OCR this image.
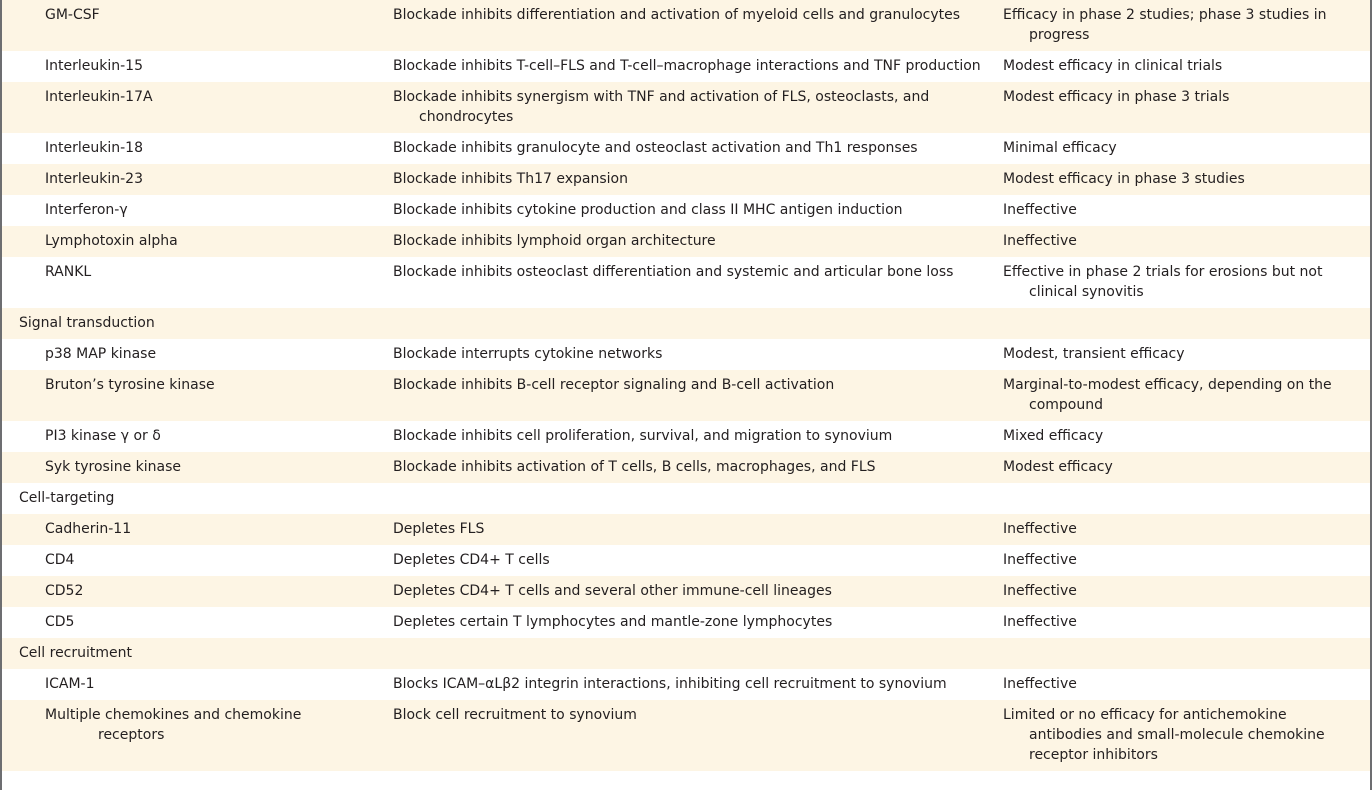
GM-CSF	Blockade inhibits differentiation and activation of myeloid cells and granulocytes	Efficacy in phase 2 studies; phase 3 studies in progress

Interleukin-15	Blockade inhibits T-cell–FLS and T-cell–macrophage interactions and TNF production	Modest efficacy in clinical trials

Interleukin-17A	Blockade inhibits synergism with TNF and activation of FLS, osteoclasts, and chondrocytes	Modest efficacy in phase 3 trials

Interleukin-18	Blockade inhibits granulocyte and osteoclast activation and Th1 responses	Minimal efficacy

Interleukin-23	Blockade inhibits Th17 expansion	Modest efficacy in phase 3 studies

Interferon-γ	Blockade inhibits cytokine production and class II MHC antigen induction	Ineffective

Lymphotoxin alpha	Blockade inhibits lymphoid organ architecture	Ineffective

RANKL	Blockade inhibits osteoclast differentiation and systemic and articular bone loss	Effective in phase 2 trials for erosions but not clinical synovitis

Signal transduction		

p38 MAP kinase	Blockade interrupts cytokine networks	Modest, transient efficacy

Bruton’s tyrosine kinase	Blockade inhibits B-cell receptor signaling and B-cell activation	Marginal-to-modest efficacy, depending on the compound

PI3 kinase γ or δ	Blockade inhibits cell proliferation, survival, and migration to synovium	Mixed efficacy

Syk tyrosine kinase	Blockade inhibits activation of T cells, B cells, macrophages, and FLS	Modest efficacy

Cell-targeting		

Cadherin-11	Depletes FLS	Ineffective

CD4	Depletes CD4+ T cells	Ineffective

CD52	Depletes CD4+ T cells and several other immune-cell lineages	Ineffective

CD5	Depletes certain T lymphocytes and mantle-zone lymphocytes	Ineffective

Cell recruitment		

ICAM-1	Blocks ICAM–αLβ2 integrin interactions, inhibiting cell recruitment to synovium	Ineffective

Multiple chemokines and chemokine receptors	Block cell recruitment to synovium	Limited or no efficacy for antichemokine antibodies and small-molecule chemokine receptor inhibitors
